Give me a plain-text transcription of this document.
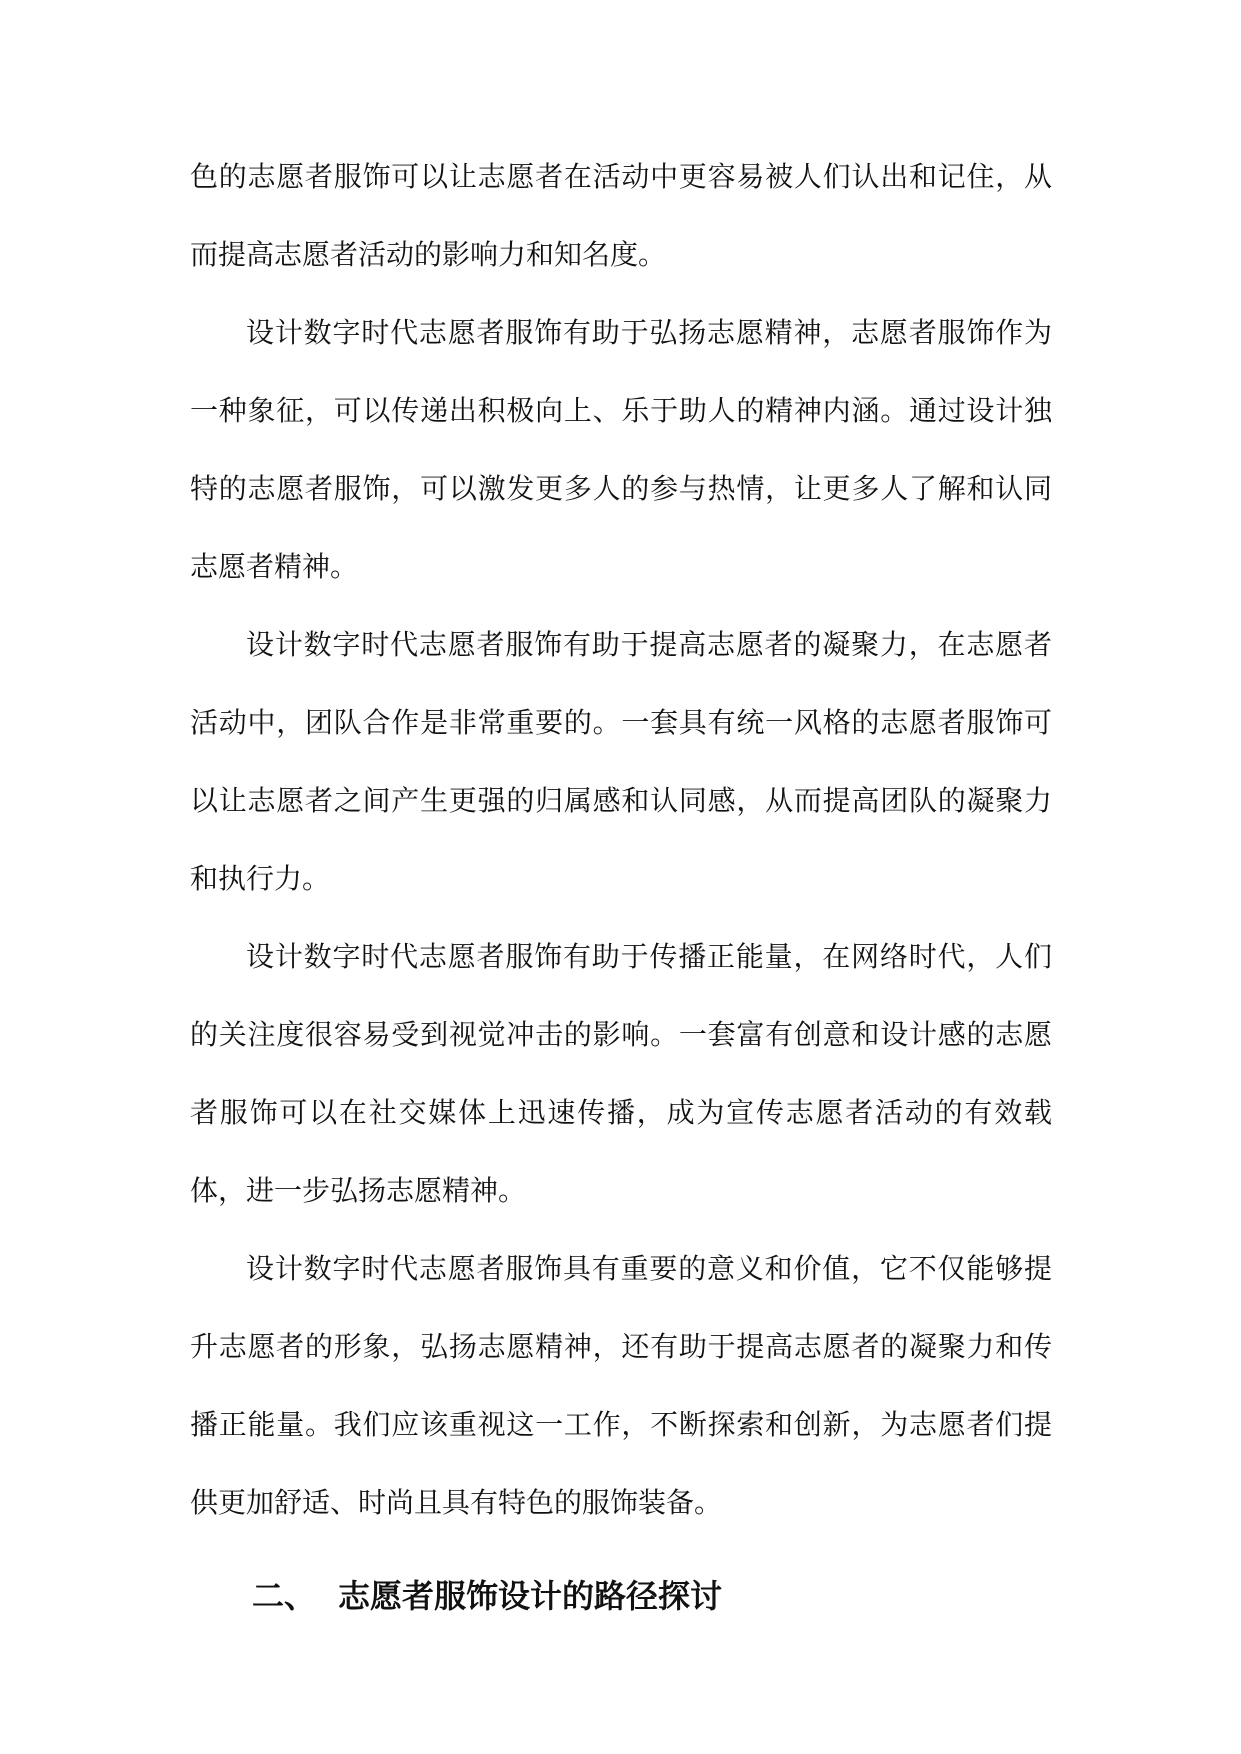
色的志愿者服饰可以让志愿者在活动中更容易被人们认出和记住，从而提高志愿者活动的影响力和知名度。

设计数字时代志愿者服饰有助于弘扬志愿精神，志愿者服饰作为一种象征，可以传递出积极向上、乐于助人的精神内涵。通过设计独特的志愿者服饰，可以激发更多人的参与热情，让更多人了解和认同志愿者精神。

设计数字时代志愿者服饰有助于提高志愿者的凝聚力，在志愿者活动中，团队合作是非常重要的。一套具有统一风格的志愿者服饰可以让志愿者之间产生更强的归属感和认同感，从而提高团队的凝聚力和执行力。

设计数字时代志愿者服饰有助于传播正能量，在网络时代，人们的关注度很容易受到视觉冲击的影响。一套富有创意和设计感的志愿者服饰可以在社交媒体上迅速传播，成为宣传志愿者活动的有效载体，进一步弘扬志愿精神。

设计数字时代志愿者服饰具有重要的意义和价值，它不仅能够提升志愿者的形象，弘扬志愿精神，还有助于提高志愿者的凝聚力和传播正能量。我们应该重视这一工作，不断探索和创新，为志愿者们提供更加舒适、时尚且具有特色的服饰装备。

二、 志愿者服饰设计的路径探讨
